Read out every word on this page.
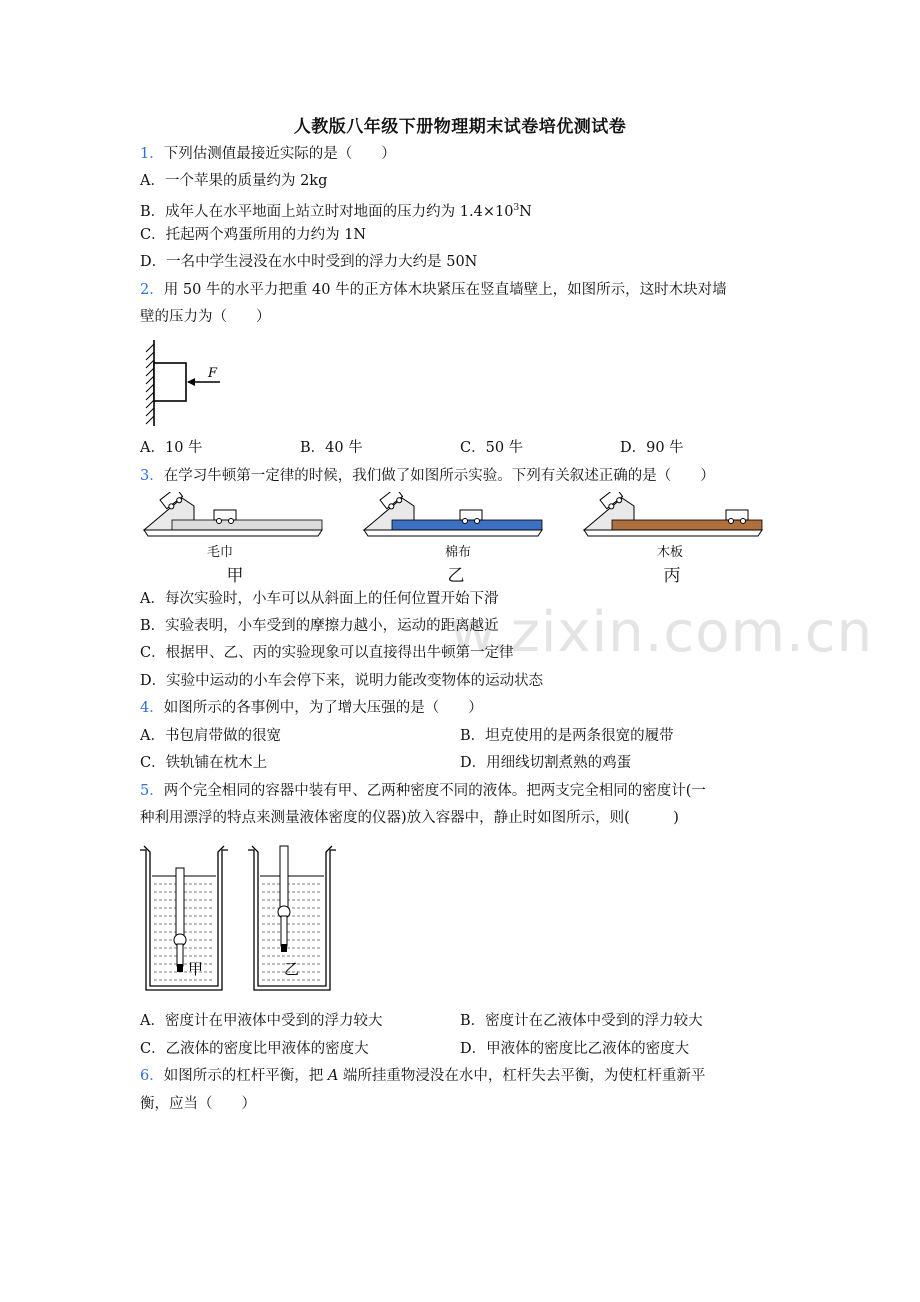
w.zixin.com.cn
人教版八年级下册物理期末试卷培优测试卷
1．下列估测值最接近实际的是（　　）
A．一个苹果的质量约为 2kg
B．成年人在水平地面上站立时对地面的压力约为 $1.4\times 10^3N$
C．托起两个鸡蛋所用的力约为 1N
D．一名中学生浸没在水中时受到的浮力大约是 50N
2．用 50 牛的水平力把重 40 牛的正方体木块紧压在竖直墙壁上，如图所示，这时木块对墙
壁的压力为（　　）
F
A．10 牛	B．40 牛	C．50 牛	D．90 牛
3．在学习牛顿第一定律的时候，我们做了如图所示实验。下列有关叙述正确的是（　　）
毛巾	棉布	木板
甲	乙	丙
A．每次实验时，小车可以从斜面上的任何位置开始下滑
B．实验表明，小车受到的摩擦力越小，运动的距离越近
C．根据甲、乙、丙的实验现象可以直接得出牛顿第一定律
D．实验中运动的小车会停下来，说明力能改变物体的运动状态
4．如图所示的各事例中，为了增大压强的是（　　）
A．书包肩带做的很宽	B．坦克使用的是两条很宽的履带
C．铁轨铺在枕木上	D．用细线切割煮熟的鸡蛋
5．两个完全相同的容器中装有甲、乙两种密度不同的液体。把两支完全相同的密度计(一
种利用漂浮的特点来测量液体密度的仪器)放入容器中，静止时如图所示，则(　　　)
甲	乙
A．密度计在甲液体中受到的浮力较大	B．密度计在乙液体中受到的浮力较大
C．乙液体的密度比甲液体的密度大	D．甲液体的密度比乙液体的密度大
6．如图所示的杠杆平衡，把 A 端所挂重物浸没在水中，杠杆失去平衡，为使杠杆重新平
衡，应当（　　）
